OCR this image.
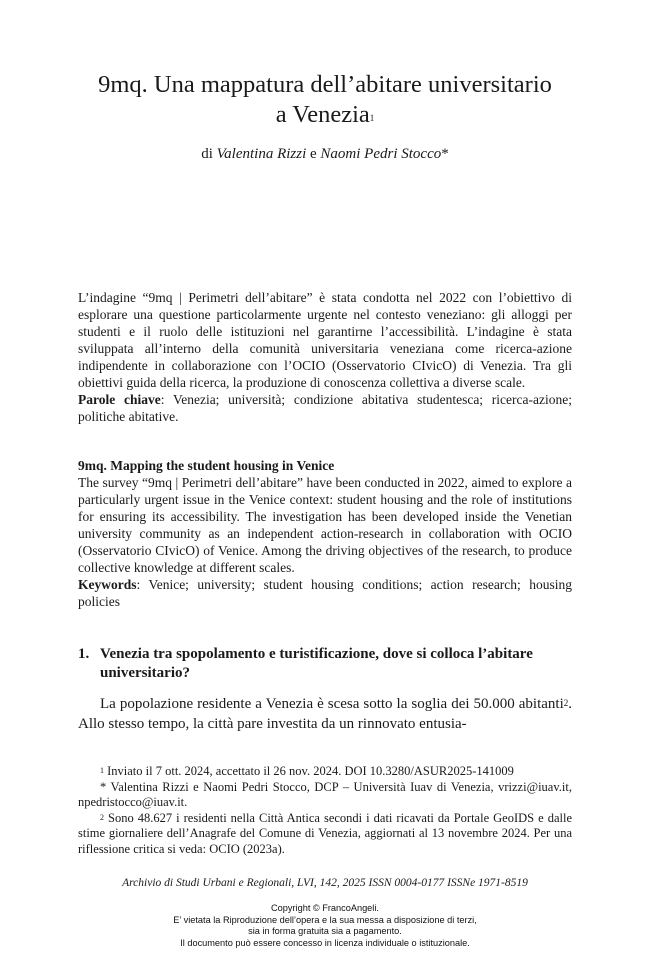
9mq. Una mappatura dell’abitare universitario
a Venezia$^1$
di Valentina Rizzi e Naomi Pedri Stocco*

L’indagine “9mq | Perimetri dell’abitare” è stata condotta nel 2022 con l’obiettivo di esplorare una questione particolarmente urgente nel contesto veneziano: gli alloggi per studenti e il ruolo delle istituzioni nel garantirne l’accessibilità. L’indagine è stata sviluppata all’interno della comunità universitaria veneziana come ricerca-azione indipendente in collaborazione con l’OCIO (Osservatorio CIvicO) di Venezia. Tra gli obiettivi guida della ricerca, la produzione di conoscenza collettiva a diverse scale.

Parole chiave: Venezia; università; condizione abitativa studentesca; ricerca-azione; politiche abitative.

9mq. Mapping the student housing in Venice

The survey “9mq | Perimetri dell’abitare” have been conducted in 2022, aimed to explore a particularly urgent issue in the Venice context: student housing and the role of institutions for ensuring its accessibility. The investigation has been developed inside the Venetian university community as an independent action-research in collaboration with OCIO (Osservatorio CIvicO) of Venice. Among the driving objectives of the research, to produce collective knowledge at different scales.

Keywords: Venice; university; student housing conditions; action research; housing policies

1. Venezia tra spopolamento e turistificazione, dove si colloca l’abitare universitario?

La popolazione residente a Venezia è scesa sotto la soglia dei 50.000 abitanti$^2$. Allo stesso tempo, la città pare investita da un rinnovato entusia-

$^1$ Inviato il 7 ott. 2024, accettato il 26 nov. 2024. DOI 10.3280/ASUR2025-141009

* Valentina Rizzi e Naomi Pedri Stocco, DCP – Università Iuav di Venezia, vrizzi@iuav.it, npedristocco@iuav.it.

$^2$ Sono 48.627 i residenti nella Città Antica secondi i dati ricavati da Portale GeoIDS e dalle stime giornaliere dell’Anagrafe del Comune di Venezia, aggiornati al 13 novembre 2024. Per una riflessione critica si veda: OCIO (2023a).

Archivio di Studi Urbani e Regionali, LVI, 142, 2025 ISSN 0004-0177 ISSNe 1971-8519
Copyright © FrancoAngeli.
E’ vietata la Riproduzione dell’opera e la sua messa a disposizione di terzi,
sia in forma gratuita sia a pagamento.
Il documento può essere concesso in licenza individuale o istituzionale.
